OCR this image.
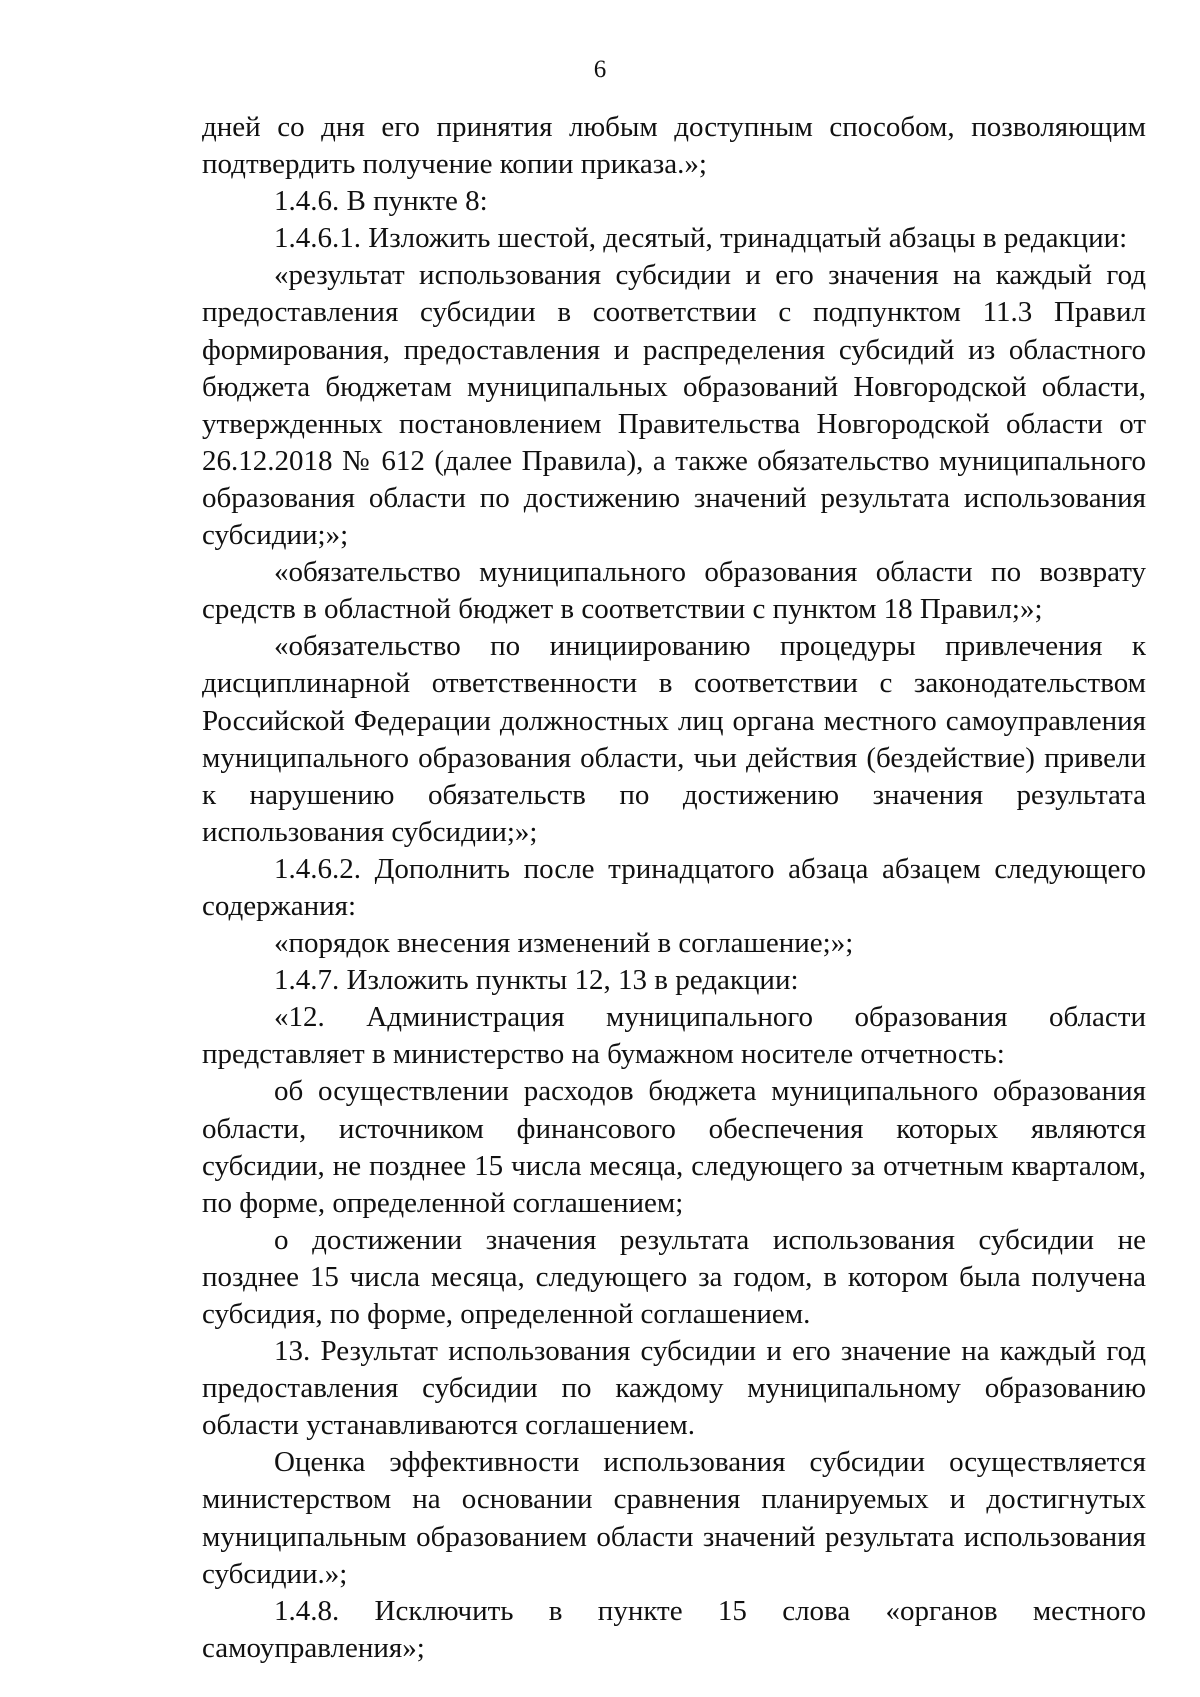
6

дней со дня его принятия любым доступным способом, позволяющим подтвердить получение копии приказа.»;

1.4.6. В пункте 8:

1.4.6.1. Изложить шестой, десятый, тринадцатый абзацы в редакции:

«результат использования субсидии и его значения на каждый год предоставления субсидии в соответствии с подпунктом 11.3 Правил формирования, предоставления и распределения субсидий из областного бюджета бюджетам муниципальных образований Новгородской области, утвержденных постановлением Правительства Новгородской области от 26.12.2018 № 612 (далее Правила), а также обязательство муниципального образования области по достижению значений результата использования субсидии;»;

«обязательство муниципального образования области по возврату средств в областной бюджет в соответствии с пунктом 18 Правил;»;

«обязательство по инициированию процедуры привлечения к дисциплинарной ответственности в соответствии с законодательством Российской Федерации должностных лиц органа местного самоуправления муниципального образования области, чьи действия (бездействие) привели к нарушению обязательств по достижению значения результата использования субсидии;»;

1.4.6.2. Дополнить после тринадцатого абзаца абзацем следующего содержания:

«порядок внесения изменений в соглашение;»;

1.4.7. Изложить пункты 12, 13 в редакции:

«12. Администрация муниципального образования области представляет в министерство на бумажном носителе отчетность:

об осуществлении расходов бюджета муниципального образования области, источником финансового обеспечения которых являются субсидии, не позднее 15 числа месяца, следующего за отчетным кварталом, по форме, определенной соглашением;

о достижении значения результата использования субсидии не позднее 15 числа месяца, следующего за годом, в котором была получена субсидия, по форме, определенной соглашением.

13. Результат использования субсидии и его значение на каждый год предоставления субсидии по каждому муниципальному образованию области устанавливаются соглашением.

Оценка эффективности использования субсидии осуществляется министерством на основании сравнения планируемых и достигнутых муниципальным образованием области значений результата использования субсидии.»;

1.4.8. Исключить в пункте 15 слова «органов местного самоуправления»;
